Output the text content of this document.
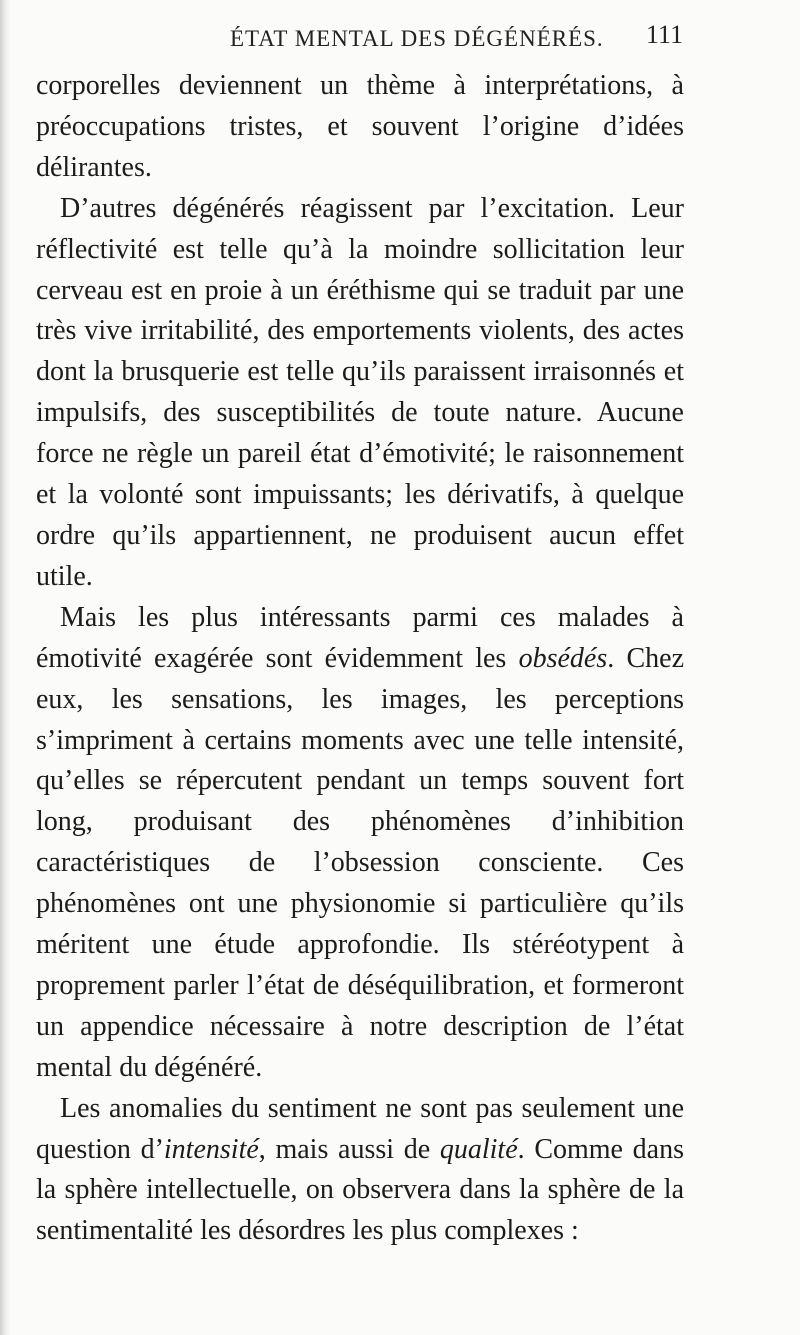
ÉTAT MENTAL DES DÉGÉNÉRÉS. 111

corporelles deviennent un thème à interprétations, à préoccupations tristes, et souvent l’origine d’idées délirantes.

D’autres dégénérés réagissent par l’excitation. Leur réflectivité est telle qu’à la moindre sollicitation leur cerveau est en proie à un éréthisme qui se traduit par une très vive irritabilité, des emportements violents, des actes dont la brusquerie est telle qu’ils paraissent irraisonnés et impulsifs, des susceptibilités de toute nature. Aucune force ne règle un pareil état d’émotivité; le raisonnement et la volonté sont impuissants; les dérivatifs, à quelque ordre qu’ils appartiennent, ne produisent aucun effet utile.

Mais les plus intéressants parmi ces malades à émotivité exagérée sont évidemment les obsédés. Chez eux, les sensations, les images, les perceptions s’impriment à certains moments avec une telle intensité, qu’elles se répercutent pendant un temps souvent fort long, produisant des phénomènes d’inhibition caractéristiques de l’obsession consciente. Ces phénomènes ont une physionomie si particulière qu’ils méritent une étude approfondie. Ils stéréotypent à proprement parler l’état de déséquilibration, et formeront un appendice nécessaire à notre description de l’état mental du dégénéré.

Les anomalies du sentiment ne sont pas seulement une question d’intensité, mais aussi de qualité. Comme dans la sphère intellectuelle, on observera dans la sphère de la sentimentalité les désordres les plus complexes :
